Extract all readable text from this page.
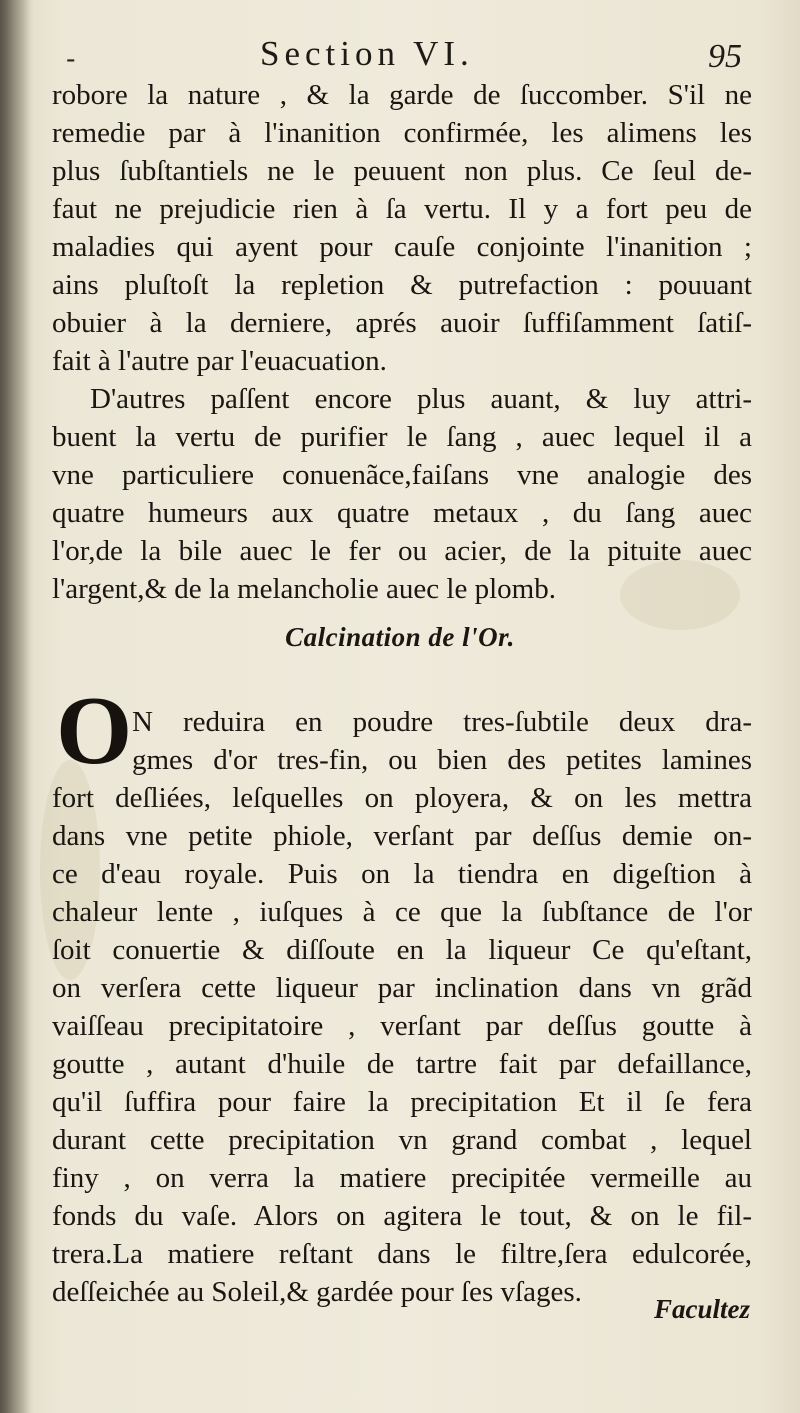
-	Section VI.	95
robore la nature , & la garde de ſuccomber. S'il ne
remedie par à l'inanition confirmée, les alimens les
plus ſubſtantiels ne le peuuent non plus. Ce ſeul de-
faut ne prejudicie rien à ſa vertu. Il y a fort peu de
maladies qui ayent pour cauſe conjointe l'inanition ;
ains pluſtoſt la repletion & putrefaction : pouuant
obuier à la derniere, aprés auoir ſuffiſamment ſatiſ-
fait à l'autre par l'euacuation.
D'autres paſſent encore plus auant, & luy attri-
buent la vertu de purifier le ſang , auec lequel il a
vne particuliere conuenãce,faiſans vne analogie des
quatre humeurs aux quatre metaux , du ſang auec
l'or,de la bile auec le fer ou acier, de la pituite auec
l'argent,& de la melancholie auec le plomb.
Calcination de l'Or.
O N reduira en poudre tres-ſubtile deux dra-
gmes d'or tres-fin, ou bien des petites lamines
fort deſliées, leſquelles on ployera, & on les mettra
dans vne petite phiole, verſant par deſſus demie on-
ce d'eau royale. Puis on la tiendra en digeſtion à
chaleur lente , iuſques à ce que la ſubſtance de l'or
ſoit conuertie & diſſoute en la liqueur Ce qu'eſtant,
on verſera cette liqueur par inclination dans vn grãd
vaiſſeau precipitatoire , verſant par deſſus goutte à
goutte , autant d'huile de tartre fait par defaillance,
qu'il ſuffira pour faire la precipitation Et il ſe fera
durant cette precipitation vn grand combat , lequel
finy , on verra la matiere precipitée vermeille au
fonds du vaſe. Alors on agitera le tout, & on le fil-
trera.La matiere reſtant dans le filtre,ſera edulcorée,
deſſeichée au Soleil,& gardée pour ſes vſages.
Facultez
